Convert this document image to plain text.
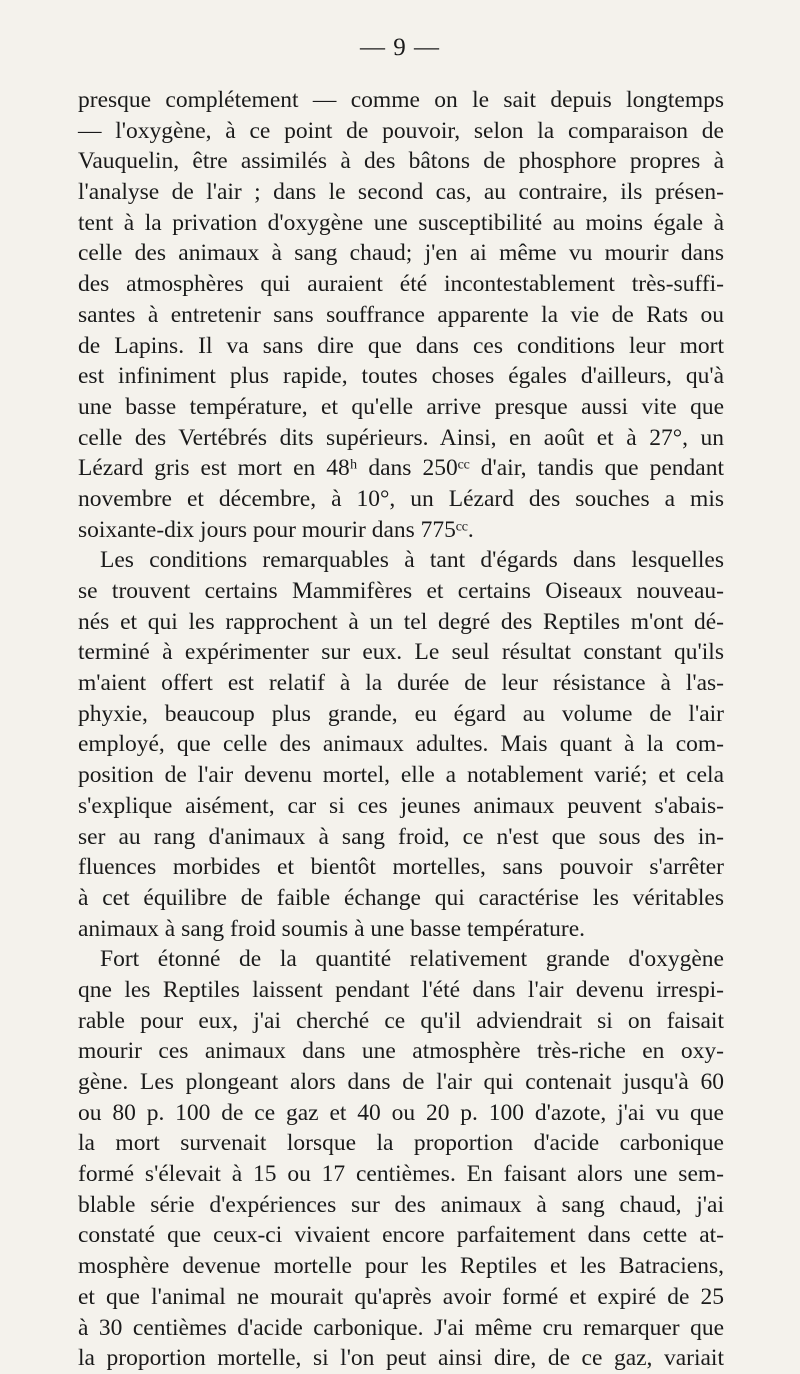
— 9 —
presque complétement — comme on le sait depuis longtemps
— l'oxygène, à ce point de pouvoir, selon la comparaison de
Vauquelin, être assimilés à des bâtons de phosphore propres à
l'analyse de l'air ; dans le second cas, au contraire, ils présen-
tent à la privation d'oxygène une susceptibilité au moins égale à
celle des animaux à sang chaud; j'en ai même vu mourir dans
des atmosphères qui auraient été incontestablement très-suffi-
santes à entretenir sans souffrance apparente la vie de Rats ou
de Lapins. Il va sans dire que dans ces conditions leur mort
est infiniment plus rapide, toutes choses égales d'ailleurs, qu'à
une basse température, et qu'elle arrive presque aussi vite que
celle des Vertébrés dits supérieurs. Ainsi, en août et à 27°, un
Lézard gris est mort en 48ʰ dans 250ᶜᶜ d'air, tandis que pendant
novembre et décembre, à 10°, un Lézard des souches a mis
soixante-dix jours pour mourir dans 775ᶜᶜ.
Les conditions remarquables à tant d'égards dans lesquelles
se trouvent certains Mammifères et certains Oiseaux nouveau-
nés et qui les rapprochent à un tel degré des Reptiles m'ont dé-
terminé à expérimenter sur eux. Le seul résultat constant qu'ils
m'aient offert est relatif à la durée de leur résistance à l'as-
phyxie, beaucoup plus grande, eu égard au volume de l'air
employé, que celle des animaux adultes. Mais quant à la com-
position de l'air devenu mortel, elle a notablement varié; et cela
s'explique aisément, car si ces jeunes animaux peuvent s'abais-
ser au rang d'animaux à sang froid, ce n'est que sous des in-
fluences morbides et bientôt mortelles, sans pouvoir s'arrêter
à cet équilibre de faible échange qui caractérise les véritables
animaux à sang froid soumis à une basse température.
Fort étonné de la quantité relativement grande d'oxygène
qne les Reptiles laissent pendant l'été dans l'air devenu irrespi-
rable pour eux, j'ai cherché ce qu'il adviendrait si on faisait
mourir ces animaux dans une atmosphère très-riche en oxy-
gène. Les plongeant alors dans de l'air qui contenait jusqu'à 60
ou 80 p. 100 de ce gaz et 40 ou 20 p. 100 d'azote, j'ai vu que
la mort survenait lorsque la proportion d'acide carbonique
formé s'élevait à 15 ou 17 centièmes. En faisant alors une sem-
blable série d'expériences sur des animaux à sang chaud, j'ai
constaté que ceux-ci vivaient encore parfaitement dans cette at-
mosphère devenue mortelle pour les Reptiles et les Batraciens,
et que l'animal ne mourait qu'après avoir formé et expiré de 25
à 30 centièmes d'acide carbonique. J'ai même cru remarquer que
la proportion mortelle, si l'on peut ainsi dire, de ce gaz, variait
